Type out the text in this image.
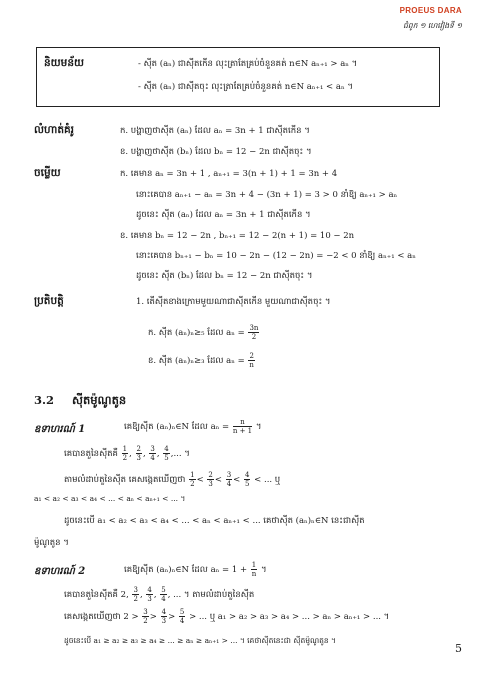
PROEUS DARA
ជំពូក ១ ហេវៀងទី ១
និយមន័យ	- ស៊ីត (aₙ) ជាស៊ីតកើន លុះត្រាតែគ្រប់ចំនួនគត់ n∈N aₙ₊₁ > aₙ ។
- ស៊ីត (aₙ) ជាស៊ីតចុះ លុះត្រាតែគ្រប់ចំនួនគត់ n∈N aₙ₊₁ < aₙ ។
លំហាត់គំរូ	ក. បង្ហាញថាស៊ីត (aₙ) ដែល aₙ = 3n + 1 ជាស៊ីតកើន ។
ខ. បង្ហាញថាស៊ីត (bₙ) ដែល bₙ = 12 − 2n ជាស៊ីតចុះ ។
ចម្លើយ	ក. គេមាន aₙ = 3n + 1 , aₙ₊₁ = 3(n + 1) + 1 = 3n + 4
នោះគេបាន aₙ₊₁ − aₙ = 3n + 4 − (3n + 1) = 3 > 0 នាំឱ្យ aₙ₊₁ > aₙ
ដូចនេះ ស៊ីត (aₙ) ដែល aₙ = 3n + 1 ជាស៊ីតកើន ។
ខ. គេមាន bₙ = 12 − 2n , bₙ₊₁ = 12 − 2(n + 1) = 10 − 2n
នោះគេបាន bₙ₊₁ − bₙ = 10 − 2n − (12 − 2n) = −2 < 0 នាំឱ្យ aₙ₊₁ < aₙ
ដូចនេះ ស៊ីត (bₙ) ដែល bₙ = 12 − 2n ជាស៊ីតចុះ ។
ប្រតិបត្តិ	1. តើស៊ីតខាងក្រោមមួយណាជាស៊ីតកើន មួយណាជាស៊ីតចុះ ។
ក. ស៊ីត (aₙ)ₙ≥₅ ដែល $a_n = \frac{3n}{2}$
ខ. ស៊ីត (aₙ)ₙ≥₃ ដែល $a_n = \frac{2}{n}$
3.2 ស៊ីតម៉ូណូតូន
ឧទាហរណ៍ 1	គេឱ្យស៊ីត (aₙ)ₙ∈N ដែល $a_n = \frac{n}{n + 1}$ ។
គេបានតួនៃស៊ីតគឺ $\frac{1}{2}$ , $\frac{2}{3}$ , $\frac{3}{4}$ , $\frac{4}{5}$ ,... ។
តាមលំដាប់តួនៃស៊ីត គេសង្កេតឃើញថា $\frac{1}{2} < \frac{2}{3} < \frac{3}{4} < \frac{4}{5}$ < ... ឬ
a₁ < a₂ < a₃ < a₄ < ... < aₙ < aₙ₊₁ < ... ។
ដូចនេះបើ a₁ < a₂ < a₃ < a₄ < ... < aₙ < aₙ₊₁ < ... គេថាស៊ីត (aₙ)ₙ∈N នេះជាស៊ីត
ម៉ូណូតូន ។
ឧទាហរណ៍ 2	គេឱ្យស៊ីត (aₙ)ₙ∈N ដែល $a_n = 1 + \frac{1}{n}$ ។
គេបានតួនៃស៊ីតគឺ 2, $\frac{3}{2}$ , $\frac{4}{3}$ , $\frac{5}{4}$ , ... ។ តាមលំដាប់តួនៃស៊ីត
គេសង្កេតឃើញថា $2 > \frac{3}{2} > \frac{4}{3} > \frac{5}{4}$ > ... ឬ a₁ > a₂ > a₃ > a₄ > ... > aₙ > aₙ₊₁ > ... ។
ដូចនេះបើ a₁ ≥ a₂ ≥ a₃ ≥ a₄ ≥ ... ≥ aₙ ≥ aₙ₊₁ > ... ។ គេថាស៊ីតនេះជា ស៊ីតម៉ូណូតូន ។
5
